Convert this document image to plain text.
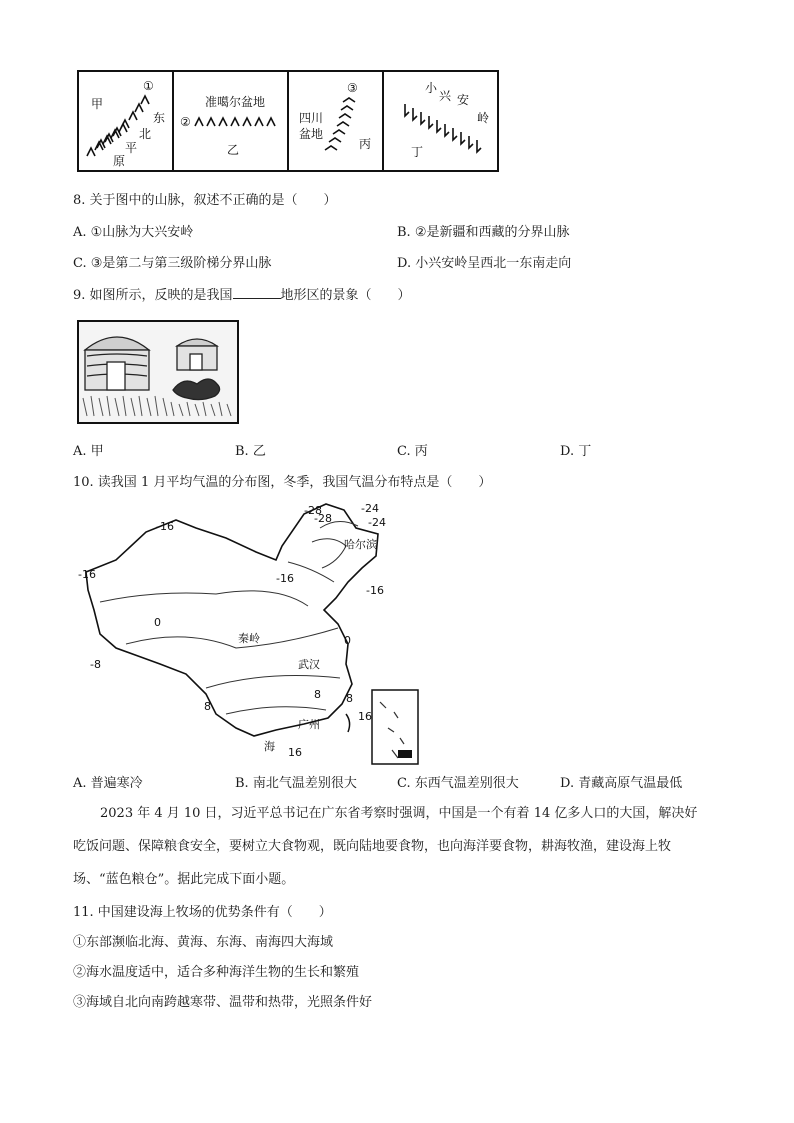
甲
①
东
北
平
原
准噶尔盆地
②
乙
③
四川
盆地
丙
小
兴 安
岭
丁
8. 关于图中的山脉，叙述不正确的是（　　）
A. ①山脉为大兴安岭	B. ②是新疆和西藏的分界山脉
C. ③是第二与第三级阶梯分界山脉	D. 小兴安岭呈西北一东南走向
9. 如图所示，反映的是我国	地形区的景象（　　）
A. 甲	B. 乙	C. 丙	D. 丁
10. 读我国 1 月平均气温的分布图，冬季，我国气温分布特点是（　　）
-28	-24
-28	-24
哈尔滨
-16
-16	-16
-16
0
-8
秦岭
0
武汉
8
8
8
16
海 16
广州
A. 普遍寒冷	B. 南北气温差别很大	C. 东西气温差别很大	D. 青藏高原气温最低
2023 年 4 月 10 日，习近平总书记在广东省考察时强调，中国是一个有着 14 亿多人口的大国，解决好
吃饭问题、保障粮食安全，要树立大食物观，既向陆地要食物，也向海洋要食物，耕海牧渔，建设海上牧
场、“蓝色粮仓”。据此完成下面小题。
11. 中国建设海上牧场的优势条件有（　　）
①东部濒临北海、黄海、东海、南海四大海域
②海水温度适中，适合多种海洋生物的生长和繁殖
③海域自北向南跨越寒带、温带和热带，光照条件好
